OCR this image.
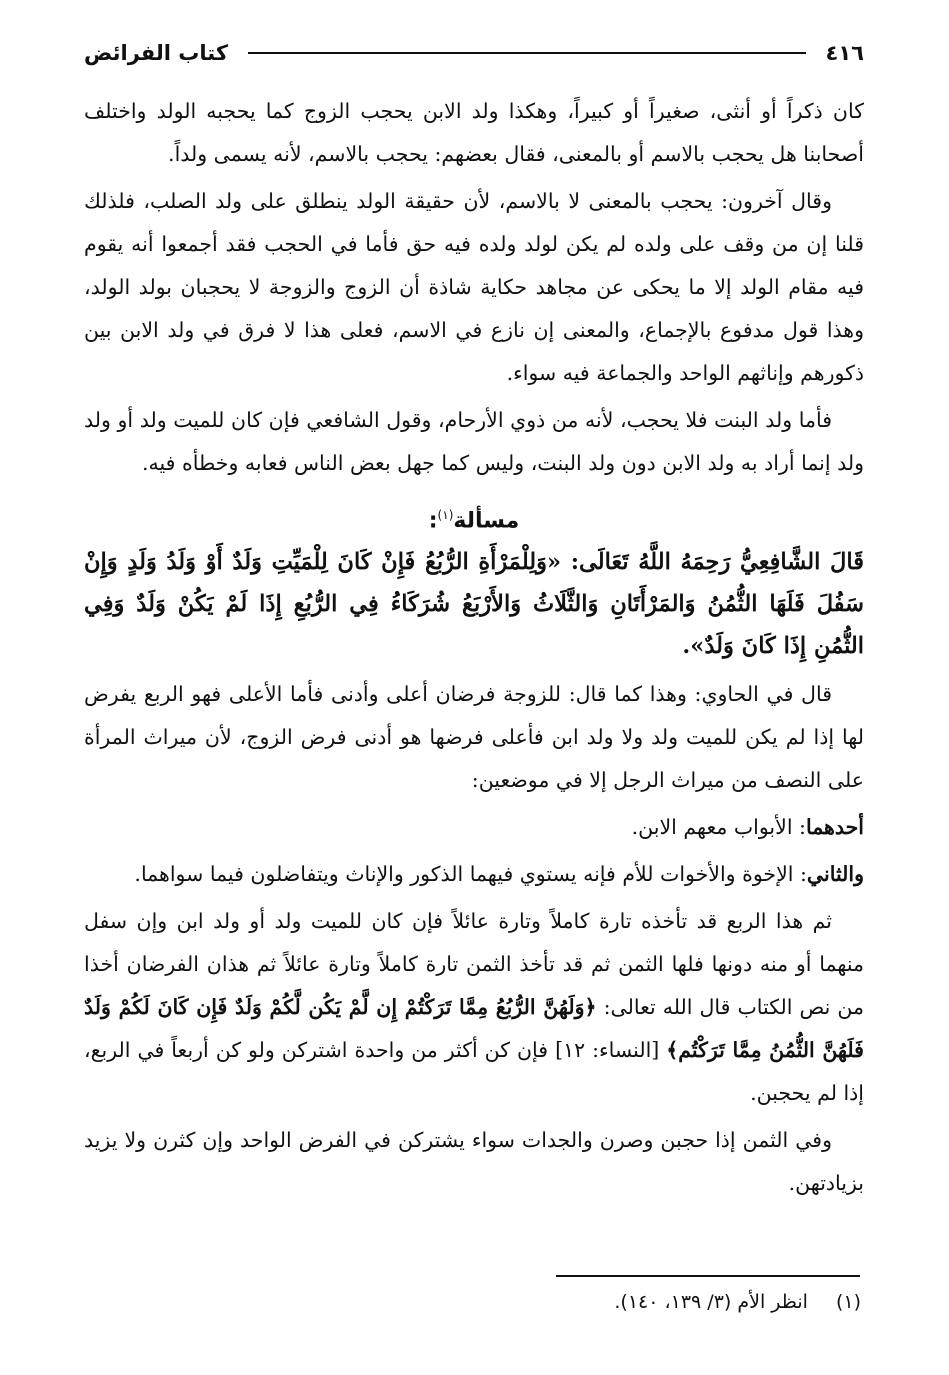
٤١٦
كتاب الفرائض

كان ذكراً أو أنثى، صغيراً أو كبيراً، وهكذا ولد الابن يحجب الزوج كما يحجبه الولد واختلف أصحابنا هل يحجب بالاسم أو بالمعنى، فقال بعضهم: يحجب بالاسم، لأنه يسمى ولداً.

وقال آخرون: يحجب بالمعنى لا بالاسم، لأن حقيقة الولد ينطلق على ولد الصلب، فلذلك قلنا إن من وقف على ولده لم يكن لولد ولده فيه حق فأما في الحجب فقد أجمعوا أنه يقوم فيه مقام الولد إلا ما يحكى عن مجاهد حكاية شاذة أن الزوج والزوجة لا يحجبان بولد الولد، وهذا قول مدفوع بالإجماع، والمعنى إن نازع في الاسم، فعلى هذا لا فرق في ولد الابن بين ذكورهم وإناثهم الواحد والجماعة فيه سواء.

فأما ولد البنت فلا يحجب، لأنه من ذوي الأرحام، وقول الشافعي فإن كان للميت ولد أو ولد ولد إنما أراد به ولد الابن دون ولد البنت، وليس كما جهل بعض الناس فعابه وخطأه فيه.

مسألة$^{(١)}$:

قَالَ الشَّافِعِيُّ رَحِمَهُ اللَّهُ تَعَالَى: «وَلِلْمَرْأَةِ الرُّبُعُ فَإِنْ كَانَ لِلْمَيِّتِ وَلَدٌ أَوْ وَلَدُ وَلَدٍ وَإِنْ سَفُلَ فَلَهَا الثُّمُنُ وَالمَرْأَتَانِ وَالثَّلَاثُ وَالأَرْبَعُ شُرَكَاءُ فِي الرُّبُعِ إِذَا لَمْ يَكُنْ وَلَدٌ وَفِي الثُّمُنِ إِذَا كَانَ وَلَدٌ».

قال في الحاوي: وهذا كما قال: للزوجة فرضان أعلى وأدنى فأما الأعلى فهو الربع يفرض لها إذا لم يكن للميت ولد ولا ولد ابن فأعلى فرضها هو أدنى فرض الزوج، لأن ميراث المرأة على النصف من ميراث الرجل إلا في موضعين:

أحدهما: الأبواب معهم الابن.

والثاني: الإخوة والأخوات للأم فإنه يستوي فيهما الذكور والإناث ويتفاضلون فيما سواهما.

ثم هذا الربع قد تأخذه تارة كاملاً وتارة عائلاً فإن كان للميت ولد أو ولد ابن وإن سفل منهما أو منه دونها فلها الثمن ثم قد تأخذ الثمن تارة كاملاً وتارة عائلاً ثم هذان الفرضان أخذا من نص الكتاب قال الله تعالى: ﴿وَلَهُنَّ الرُّبُعُ مِمَّا تَرَكْتُمْ إِن لَّمْ يَكُن لَّكُمْ وَلَدٌ فَإِن كَانَ لَكُمْ وَلَدٌ فَلَهُنَّ الثُّمُنُ مِمَّا تَرَكْتُم﴾ [النساء: ١٢] فإن كن أكثر من واحدة اشتركن ولو كن أربعاً في الربع، إذا لم يحجبن.

وفي الثمن إذا حجبن وصرن والجدات سواء يشتركن في الفرض الواحد وإن كثرن ولا يزيد بزيادتهن.

(١)انظر الأم (٣/ ١٣٩، ١٤٠).
